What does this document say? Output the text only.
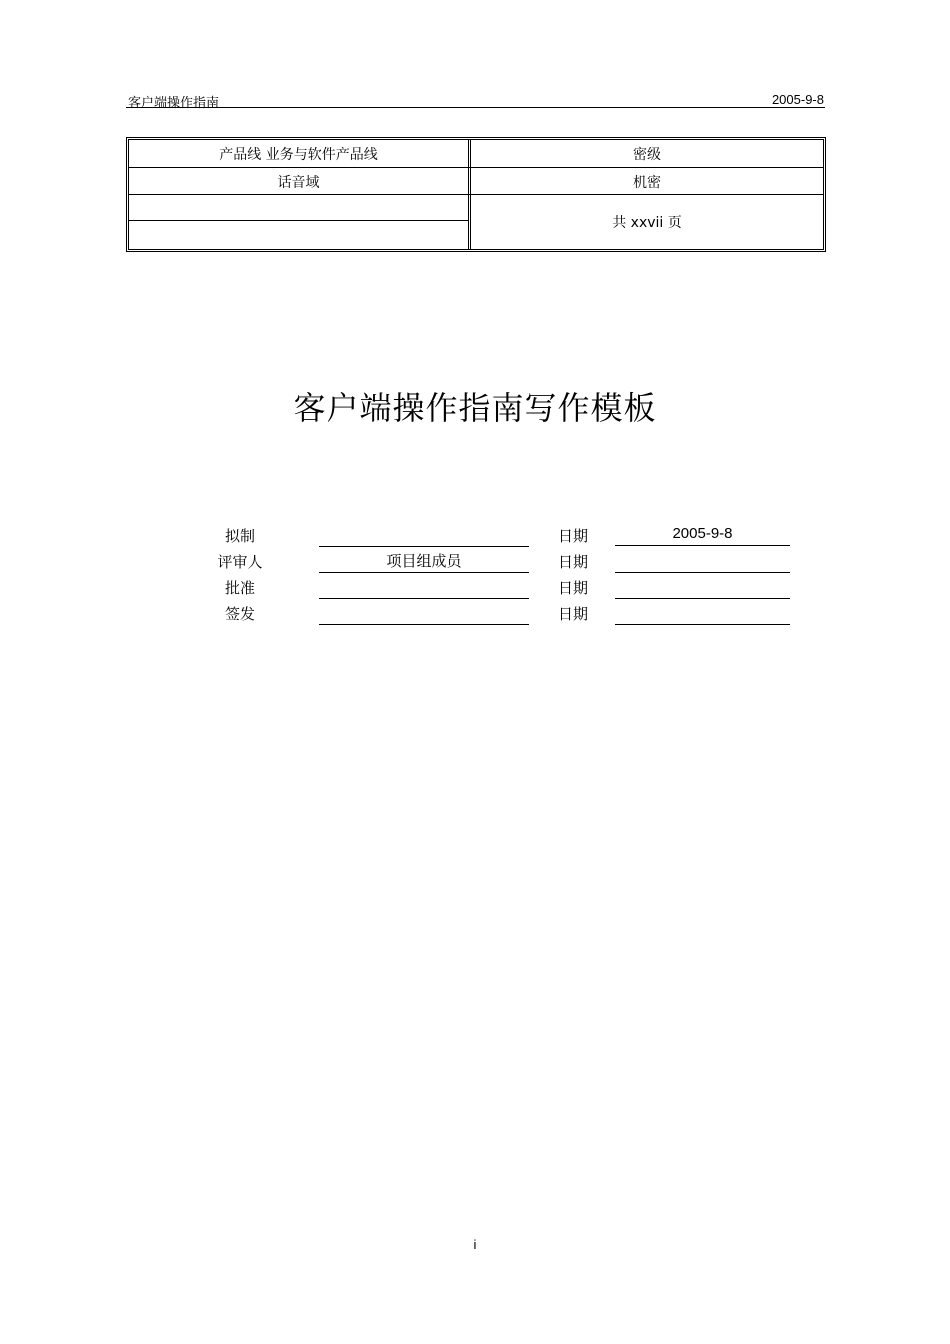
客户端操作指南	2005-9-8
产品线 业务与软件产品线	密级
话音域	机密
共 xxvii 页
客户端操作指南写作模板
拟制	日期	2005-9-8
评审人	项目组成员	日期
批准	日期
签发	日期
i
